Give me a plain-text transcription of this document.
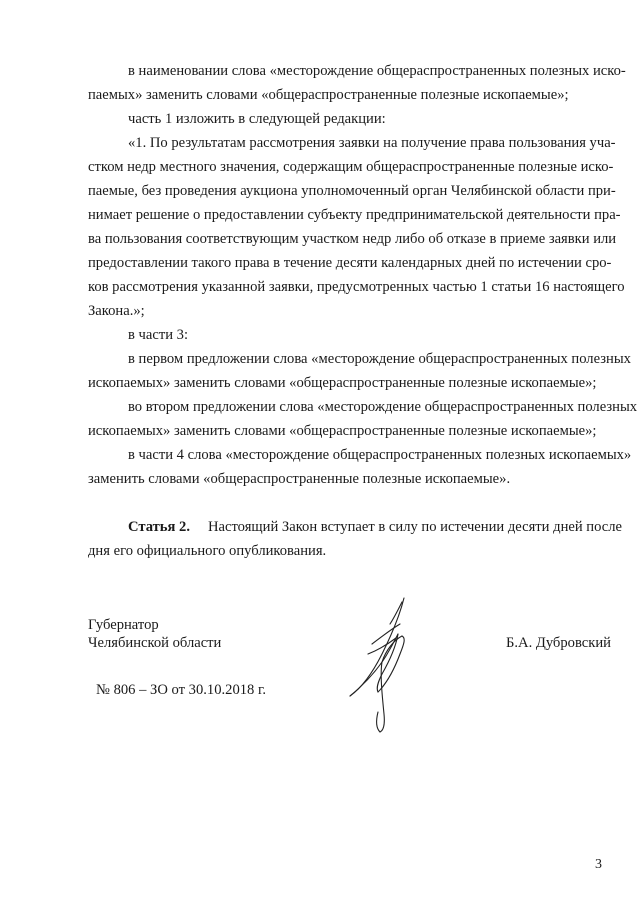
в наименовании слова «месторождение общераспространенных полезных иско-
паемых» заменить словами «общераспространенные полезные ископаемые»;
часть 1 изложить в следующей редакции:
«1. По результатам рассмотрения заявки на получение права пользования уча-
стком недр местного значения, содержащим общераспространенные полезные иско-
паемые, без проведения аукциона уполномоченный орган Челябинской области при-
нимает решение о предоставлении субъекту предпринимательской деятельности пра-
ва пользования соответствующим участком недр либо об отказе в приеме заявки или
предоставлении такого права в течение десяти календарных дней по истечении сро-
ков рассмотрения указанной заявки, предусмотренных частью 1 статьи 16 настоящего
Закона.»;
в части 3:
в первом предложении слова «месторождение общераспространенных полезных
ископаемых» заменить словами «общераспространенные полезные ископаемые»;
во втором предложении слова «месторождение общераспространенных полезных
ископаемых» заменить словами «общераспространенные полезные ископаемые»;
в части 4 слова «месторождение общераспространенных полезных ископаемых»
заменить словами «общераспространенные полезные ископаемые».
Статья 2. Настоящий Закон вступает в силу по истечении десяти дней после
дня его официального опубликования.
Губернатор
Челябинской области	Б.А. Дубровский
№ 806 – ЗО от 30.10.2018 г.
3
